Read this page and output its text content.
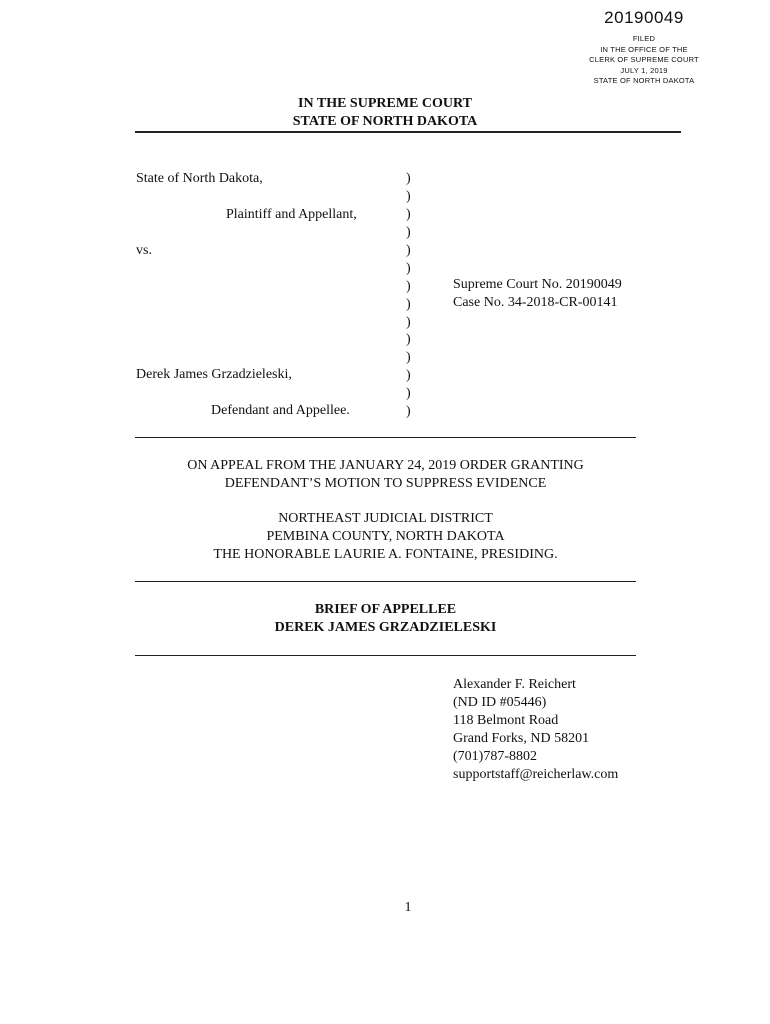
20190049
FILED
IN THE OFFICE OF THE
CLERK OF SUPREME COURT
JULY 1, 2019
STATE OF NORTH DAKOTA
IN THE SUPREME COURT
STATE OF NORTH DAKOTA
State of North Dakota,
Plaintiff and Appellant,
vs.
Derek James Grzadzieleski,
Defendant and Appellee.
)
)
)
)
)
)
)
)
)
)
)
)
)
)
Supreme Court No. 20190049
Case No. 34-2018-CR-00141
ON APPEAL FROM THE JANUARY 24, 2019 ORDER GRANTING
DEFENDANT’S MOTION TO SUPPRESS EVIDENCE
NORTHEAST JUDICIAL DISTRICT
PEMBINA COUNTY, NORTH DAKOTA
THE HONORABLE LAURIE A. FONTAINE, PRESIDING.
BRIEF OF APPELLEE
DEREK JAMES GRZADZIELESKI
Alexander F. Reichert
(ND ID #05446)
118 Belmont Road
Grand Forks, ND 58201
(701)787-8802
supportstaff@reicherlaw.com
1
